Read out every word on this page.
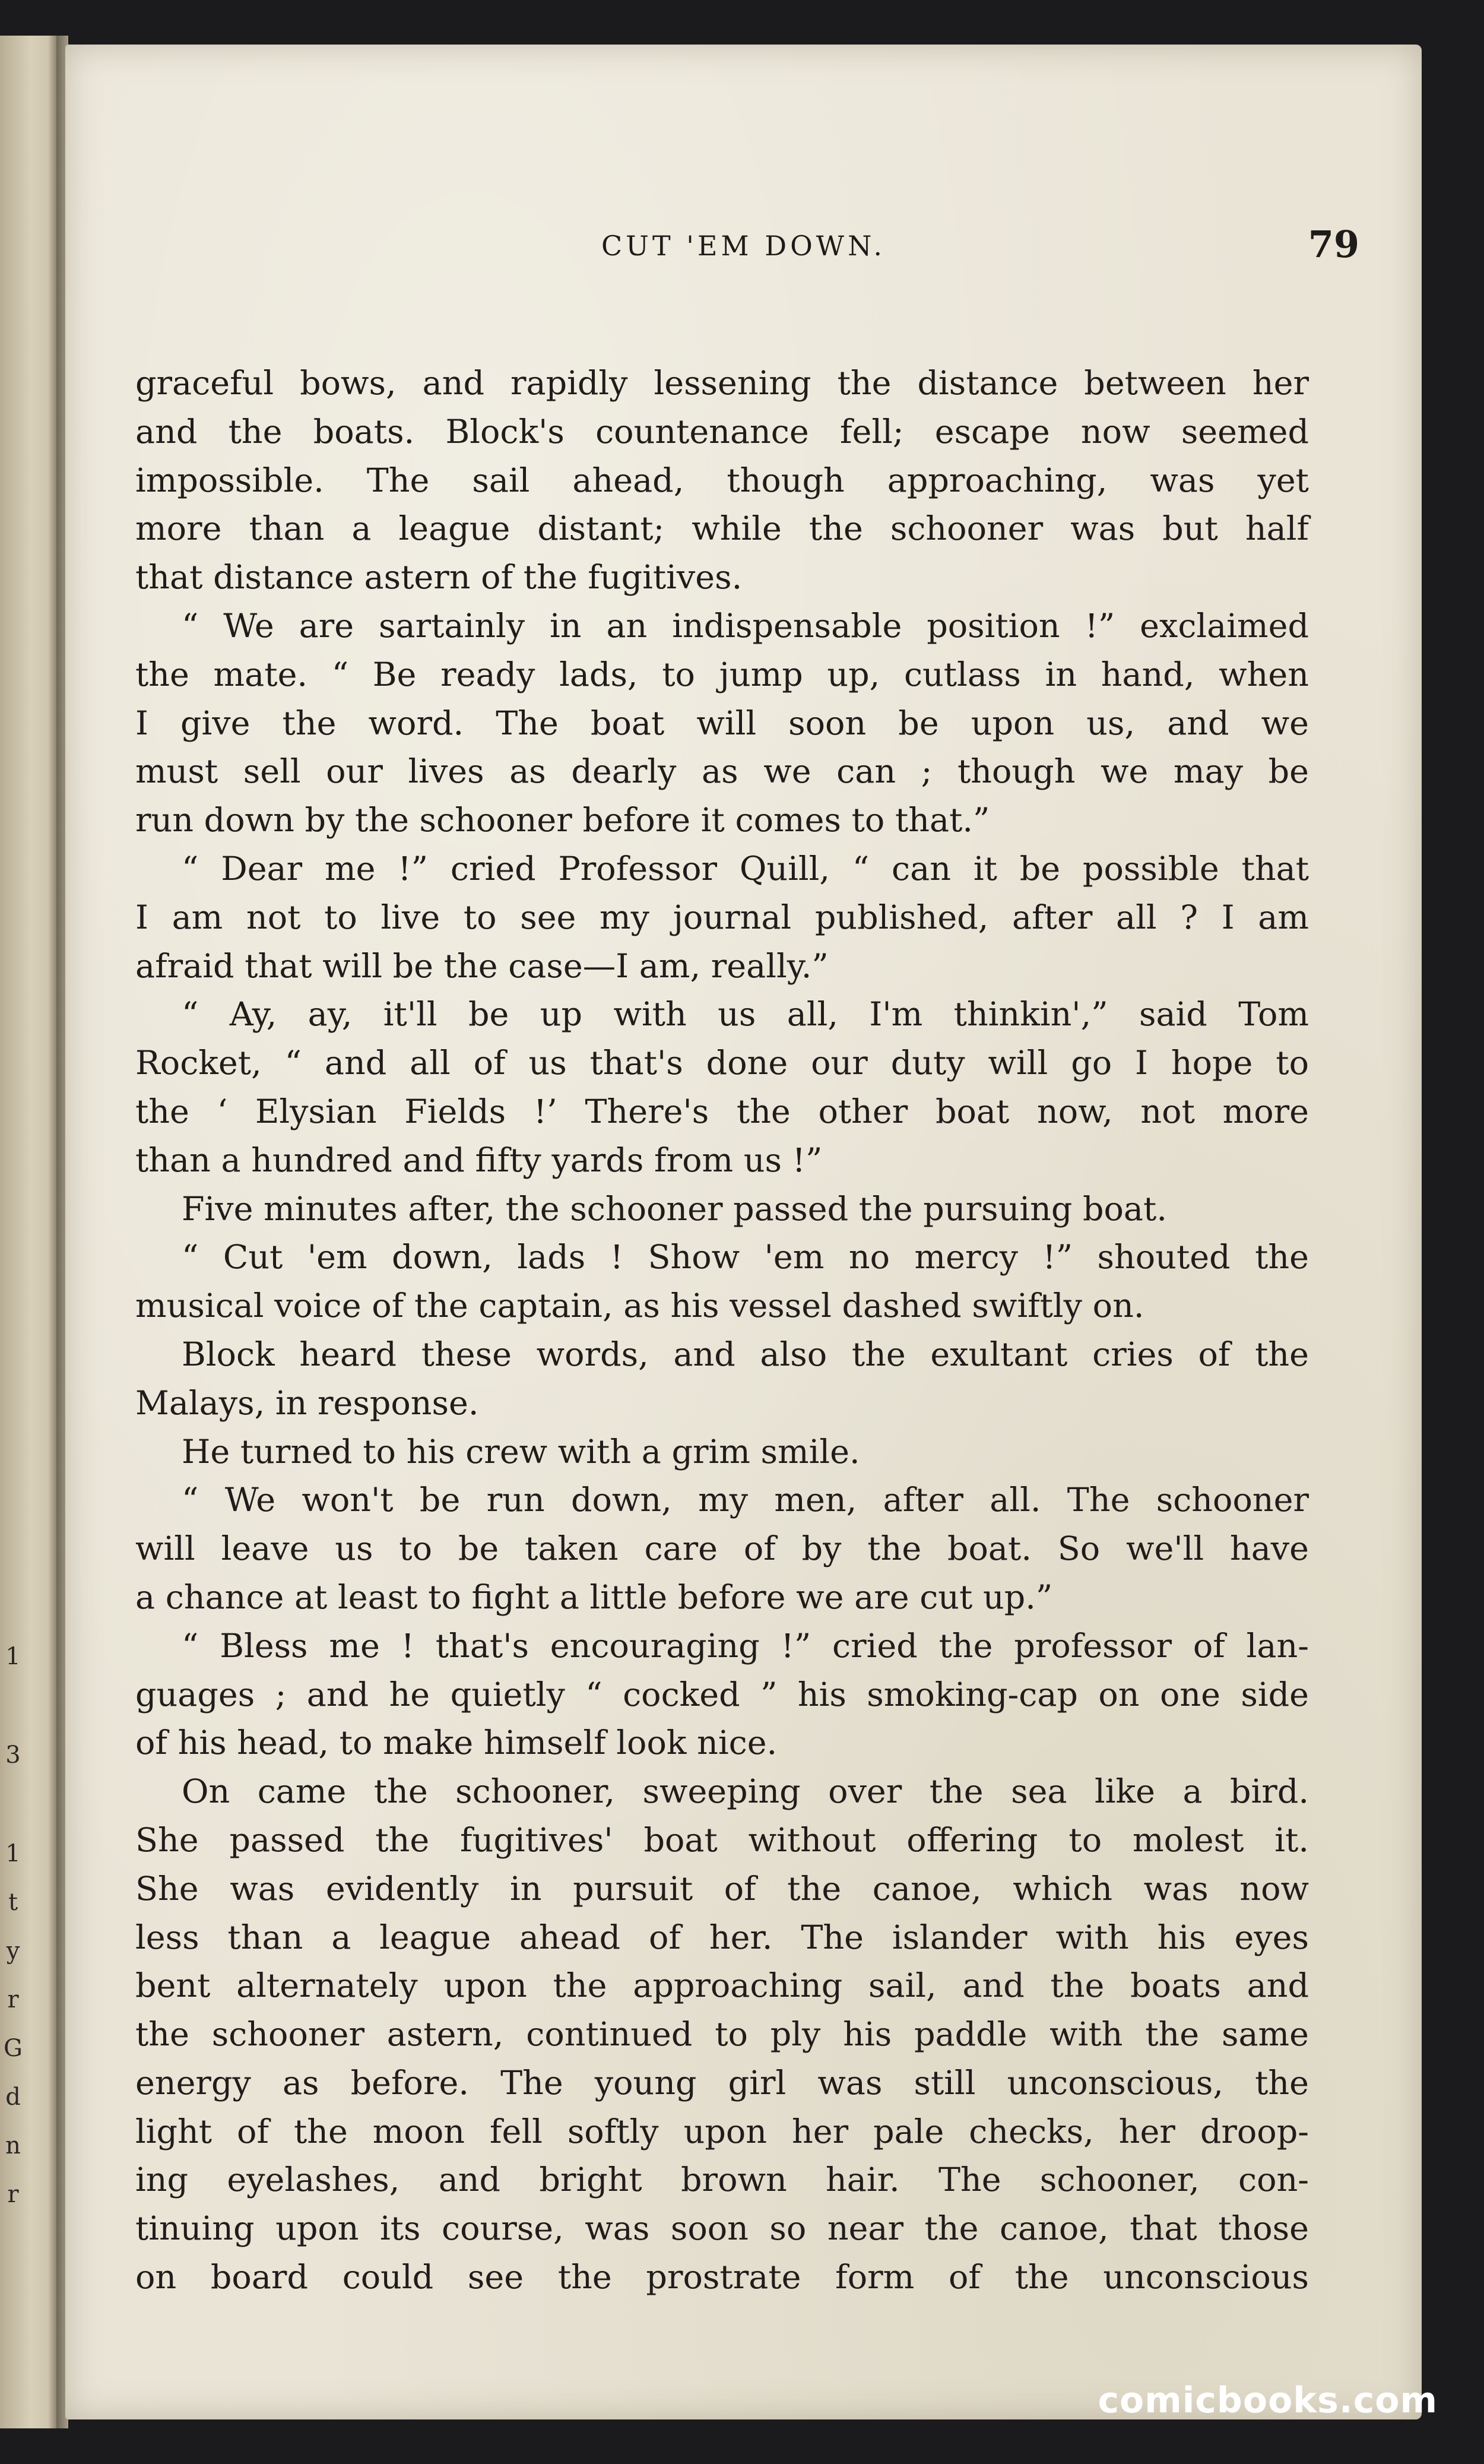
1
3
1
t
y
r
G
d
n
r
CUT 'EM DOWN.	79
graceful bows, and rapidly lessening the distance between her
and the boats. Block's countenance fell; escape now seemed
impossible. The sail ahead, though approaching, was yet
more than a league distant; while the schooner was but half
that distance astern of the fugitives.
“ We are sartainly in an indispensable position !” exclaimed
the mate. “ Be ready lads, to jump up, cutlass in hand, when
I give the word. The boat will soon be upon us, and we
must sell our lives as dearly as we can ; though we may be
run down by the schooner before it comes to that.”
“ Dear me !” cried Professor Quill, “ can it be possible that
I am not to live to see my journal published, after all ? I am
afraid that will be the case—I am, really.”
“ Ay, ay, it'll be up with us all, I'm thinkin',” said Tom
Rocket, “ and all of us that's done our duty will go I hope to
the ‘ Elysian Fields !’ There's the other boat now, not more
than a hundred and fifty yards from us !”
Five minutes after, the schooner passed the pursuing boat.
“ Cut 'em down, lads ! Show 'em no mercy !” shouted the
musical voice of the captain, as his vessel dashed swiftly on.
Block heard these words, and also the exultant cries of the
Malays, in response.
He turned to his crew with a grim smile.
“ We won't be run down, my men, after all. The schooner
will leave us to be taken care of by the boat. So we'll have
a chance at least to fight a little before we are cut up.”
“ Bless me ! that's encouraging !” cried the professor of lan-
guages ; and he quietly “ cocked ” his smoking-cap on one side
of his head, to make himself look nice.
On came the schooner, sweeping over the sea like a bird.
She passed the fugitives' boat without offering to molest it.
She was evidently in pursuit of the canoe, which was now
less than a league ahead of her. The islander with his eyes
bent alternately upon the approaching sail, and the boats and
the schooner astern, continued to ply his paddle with the same
energy as before. The young girl was still unconscious, the
light of the moon fell softly upon her pale checks, her droop-
ing eyelashes, and bright brown hair. The schooner, con-
tinuing upon its course, was soon so near the canoe, that those
on board could see the prostrate form of the unconscious
comicbooks.com
